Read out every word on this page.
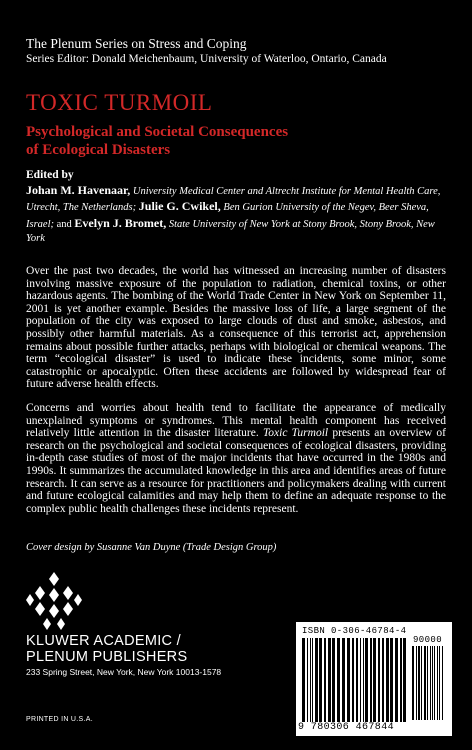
The Plenum Series on Stress and Coping
Series Editor: Donald Meichenbaum, University of Waterloo, Ontario, Canada
TOXIC TURMOIL
Psychological and Societal Consequences
of Ecological Disasters
Edited by
Johan M. Havenaar, University Medical Center and Altrecht Institute for Mental Health Care, Utrecht, The Netherlands; Julie G. Cwikel, Ben Gurion University of the Negev, Beer Sheva, Israel; and Evelyn J. Bromet, State University of New York at Stony Brook, Stony Brook, New York

Over the past two decades, the world has witnessed an increasing number of disasters involving massive exposure of the population to radiation, chemical toxins, or other hazardous agents. The bombing of the World Trade Center in New York on September 11, 2001 is yet another example. Besides the massive loss of life, a large segment of the population of the city was exposed to large clouds of dust and smoke, asbestos, and possibly other harmful materials. As a consequence of this terrorist act, apprehension remains about possible further attacks, perhaps with biological or chemical weapons. The term “ecological disaster” is used to indicate these incidents, some minor, some catastrophic or apocalyptic. Often these accidents are followed by widespread fear of future adverse health effects.

Concerns and worries about health tend to facilitate the appearance of medically unexplained symptoms or syndromes. This mental health component has received relatively little attention in the disaster literature. Toxic Turmoil presents an overview of research on the psychological and societal consequences of ecological disasters, providing in-depth case studies of most of the major incidents that have occurred in the 1980s and 1990s. It summarizes the accumulated knowledge in this area and identifies areas of future research. It can serve as a resource for practitioners and policymakers dealing with current and future ecological calamities and may help them to define an adequate response to the complex public health challenges these incidents represent.

Cover design by Susanne Van Duyne (Trade Design Group)
KLUWER ACADEMIC /
PLENUM PUBLISHERS
233 Spring Street, New York, New York 10013-1578
PRINTED IN U.S.A.
ISBN 0-306-46784-4
90000
9 780306 467844
